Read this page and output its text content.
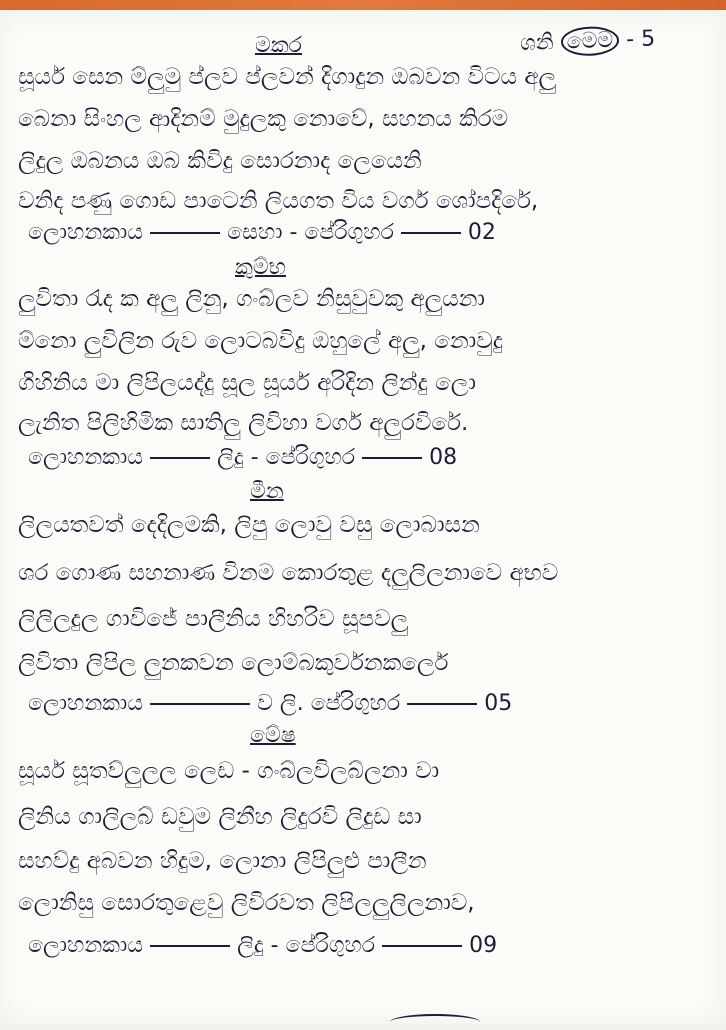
ශනි මෙම - 5
මකර
සූර්ය සෙන ම්ලුමු ප්ලව ප්ලවන් දිගාදුන ඔබවන විටය අලු
බෙනා සිංහල ආදිනම් මුදුලකු නොවේ, සහනය කිරම
ලිදුල ඔබනය ඔබ කිවිදු සොරනාද ලෙයෙනි
වනිද පණු ගොඩ පාටෙනි ලියගත විය වර්ග ශෝපදිරේ,
ලොහනකාය	සෙහා - පේරිගුහර	02
කුම්භ
ලුවිතා රැද ක අලු ලිනු, ගංබ්ලව නිසුවුවකු අලුයනා
ම්නො ලුවිලින රුව ලොටබවිදු ඔහුලේ අලු, නොවුදු
ගිහිනිය මා ලිපිලයද්දු සූල සූර්ය අරිදින ලින්දු ලො
ලැනිත පිලිහිමික සාතිලු ලිවිහා වර්ග අලුරවිරේ.
ලොහනකාය	ලිදු - පේරිගුහර	08
මීන
ලිලයතවත් දෙදිලමකි, ලිපු ලොවු වසු ලොබාසන
ශර ගොණ සහනාණ විනම කොරතුළ දලුලිලනාවෙ අභව
ලිලිලදුල ගාවිජේ පාලීනිය හිහරිව සූපවලු
ලිවිතා ලිපිල ලුනකවන ලොම්බකුර්වනකර්ලෙ
ලොහනකාය	ව ලි. පේරිගුහර	05
මේෂ
සූර්ය සූතව්‍ලුලල ලෙඩ - ගංබ්ලවිලබ්ලනා වා
ලිනිය ගාලිලබ් ඩවුම ලිනීහ ලිදුරවි ලිදුඩ සා
සහව්දු අබවන හිදුම, ලොනා ලිපිලුළු පාලීන
ලොනිසු සොරතුළෙවු ලිවිරවත ලිපිලලුලිලනාව,
ලොහනකාය	ලිදු - පේරිගුහර	09
